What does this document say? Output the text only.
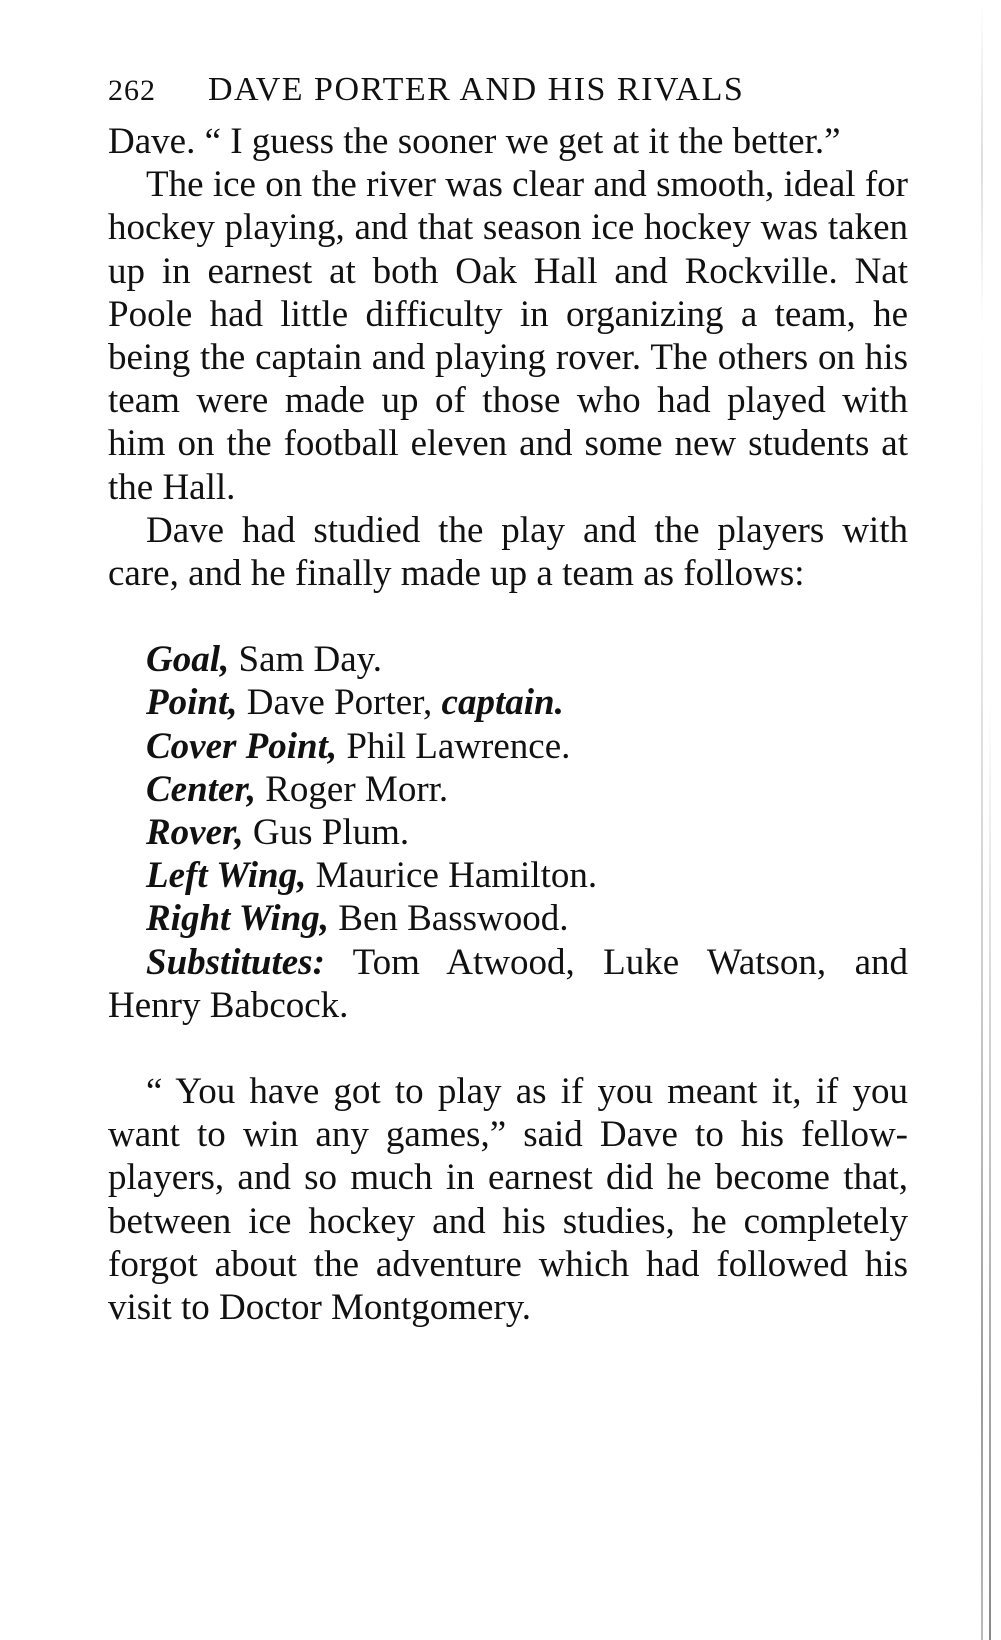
262 DAVE PORTER AND HIS RIVALS

Dave. “ I guess the sooner we get at it the better.”

The ice on the river was clear and smooth, ideal for hockey playing, and that season ice hockey was taken up in earnest at both Oak Hall and Rockville. Nat Poole had little difficulty in organizing a team, he being the captain and playing rover. The others on his team were made up of those who had played with him on the football eleven and some new students at the Hall.

Dave had studied the play and the players with care, and he finally made up a team as follows:

Goal, Sam Day.
Point, Dave Porter, captain.
Cover Point, Phil Lawrence.
Center, Roger Morr.
Rover, Gus Plum.
Left Wing, Maurice Hamilton.
Right Wing, Ben Basswood.
Substitutes: Tom Atwood, Luke Watson, and Henry Babcock.

“ You have got to play as if you meant it, if you want to win any games,” said Dave to his fellow-players, and so much in earnest did he become that, between ice hockey and his studies, he completely forgot about the adventure which had followed his visit to Doctor Montgomery.
